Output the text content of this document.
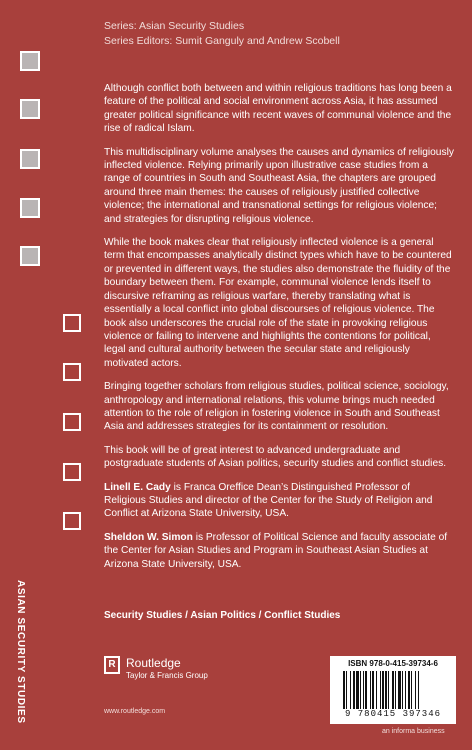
Series: Asian Security Studies
Series Editors: Sumit Ganguly and Andrew Scobell

Although conflict both between and within religious traditions has long been a feature of the political and social environment across Asia, it has assumed greater political significance with recent waves of communal violence and the rise of radical Islam.

This multidisciplinary volume analyses the causes and dynamics of religiously inflected violence. Relying primarily upon illustrative case studies from a range of countries in South and Southeast Asia, the chapters are grouped around three main themes: the causes of religiously justified collective violence; the international and transnational settings for religious violence; and strategies for disrupting religious violence.

While the book makes clear that religiously inflected violence is a general term that encompasses analytically distinct types which have to be countered or prevented in different ways, the studies also demonstrate the fluidity of the boundary between them. For example, communal violence lends itself to discursive reframing as religious warfare, thereby translating what is essentially a local conflict into global discourses of religious violence. The book also underscores the crucial role of the state in provoking religious violence or failing to intervene and highlights the contentions for political, legal and cultural authority between the secular state and religiously motivated actors.

Bringing together scholars from religious studies, political science, sociology, anthropology and international relations, this volume brings much needed attention to the role of religion in fostering violence in South and Southeast Asia and addresses strategies for its containment or resolution.

This book will be of great interest to advanced undergraduate and postgraduate students of Asian politics, security studies and conflict studies.

Linell E. Cady is Franca Oreffice Dean’s Distinguished Professor of Religious Studies and director of the Center for the Study of Religion and Conflict at Arizona State University, USA.

Sheldon W. Simon is Professor of Political Science and faculty associate of the Center for Asian Studies and Program in Southeast Asian Studies at Arizona State University, USA.

ASIAN SECURITY STUDIES	Security Studies / Asian Politics / Conflict Studies
R Routledge
Taylor & Francis Group
www.routledge.com
ISBN 978-0-415-39734-6
9 780415 397346
an informa business
